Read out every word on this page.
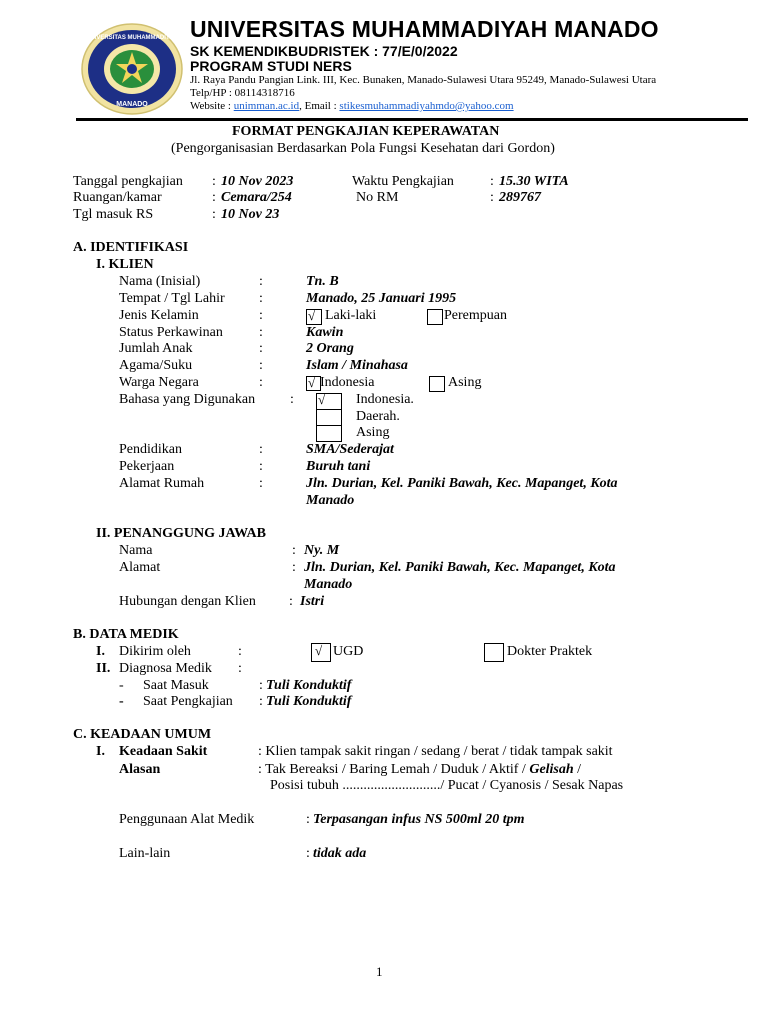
UNIVERSITAS MUHAMMADIYAH
MANADO
UNIVERSITAS MUHAMMADIYAH MANADO
SK KEMENDIKBUDRISTEK : 77/E/0/2022
PROGRAM STUDI NERS
Jl. Raya Pandu Pangian Link. III, Kec. Bunaken, Manado-Sulawesi Utara 95249, Manado-Sulawesi Utara
Telp/HP : 08114318716
Website : unimman.ac.id, Email : stikesmuhammadiyahmdo@yahoo.com
FORMAT PENGKAJIAN KEPERAWATAN
(Pengorganisasian Berdasarkan Pola Fungsi Kesehatan dari Gordon)
Tanggal pengkajian : 10 Nov 2023	Waktu Pengkajian	: 15.30 WITA
Ruangan/kamar	: Cemara/254	No RM	: 289767
Tgl masuk RS	: 10 Nov 23
A. IDENTIFIKASI
I. KLIEN
Nama (Inisial)	:	Tn. B
Tempat / Tgl Lahir :	Manado, 25 Januari 1995
Jenis Kelamin	:	√ Laki-laki	Perempuan
Status Perkawinan	:	Kawin
Jumlah Anak	:	2 Orang
Agama/Suku	:	Islam / Minahasa
Warga Negara	:	√ Indonesia	Asing
Bahasa yang Digunakan : √ Indonesia.
Daerah.
Asing
Pendidikan	:	SMA/Sederajat
Pekerjaan	:	Buruh tani
Alamat Rumah	:	Jln. Durian, Kel. Paniki Bawah, Kec. Mapanget, Kota
Manado
II. PENANGGUNG JAWAB
Nama	: Ny. M
Alamat	: Jln. Durian, Kel. Paniki Bawah, Kec. Mapanget, Kota
Manado
Hubungan dengan Klien : Istri
B. DATA MEDIK
I. Dikirim oleh	:	√ UGD	Dokter Praktek
II. Diagnosa Medik :
- Saat Masuk	: Tuli Konduktif
- Saat Pengkajian : Tuli Konduktif
C. KEADAAN UMUM
I. Keadaan Sakit	: Klien tampak sakit ringan / sedang / berat / tidak tampak sakit
Alasan	: Tak Bereaksi / Baring Lemah / Duduk / Aktif / Gelisah /
Posisi tubuh ............................/ Pucat / Cyanosis / Sesak Napas
Penggunaan Alat Medik	: Terpasangan infus NS 500ml 20 tpm
Lain-lain	: tidak ada
1
